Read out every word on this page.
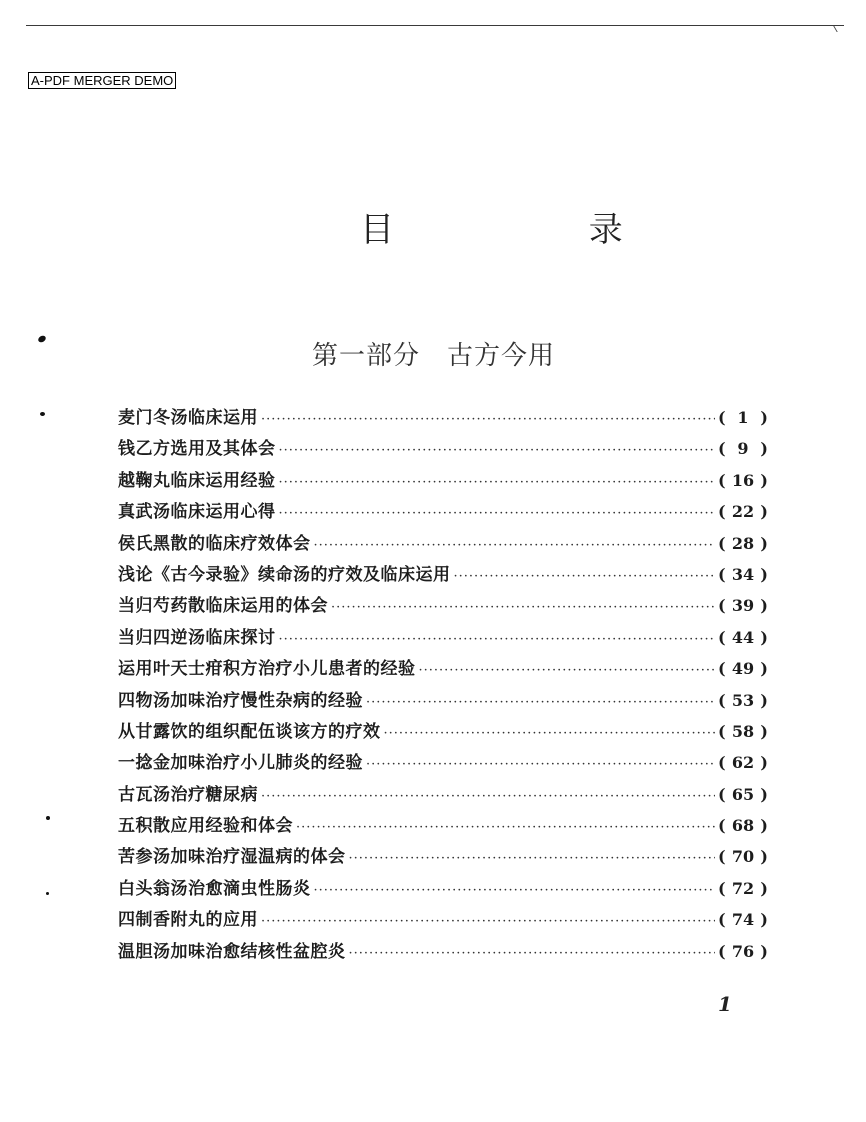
A-PDF MERGER DEMO
目 录
第一部分　古方今用
麦门冬汤临床运用 ·····	( 1 )
钱乙方选用及其体会 ·····	( 9 )
越鞠丸临床运用经验 ·····	( 16 )
真武汤临床运用心得 ·····	( 22 )
侯氏黑散的临床疗效体会 ·····	( 28 )
浅论《古今录验》续命汤的疗效及临床运用 ·····	( 34 )
当归芍药散临床运用的体会 ·····	( 39 )
当归四逆汤临床探讨 ·····	( 44 )
运用叶天士疳积方治疗小儿患者的经验 ·····	( 49 )
四物汤加味治疗慢性杂病的经验 ·····	( 53 )
从甘露饮的组织配伍谈该方的疗效 ·····	( 58 )
一捻金加味治疗小儿肺炎的经验 ·····	( 62 )
古瓦汤治疗糖尿病 ·····	( 65 )
五积散应用经验和体会 ·····	( 68 )
苦参汤加味治疗湿温病的体会 ·····	( 70 )
白头翁汤治愈滴虫性肠炎 ·····	( 72 )
四制香附丸的应用 ·····	( 74 )
温胆汤加味治愈结核性盆腔炎 ·····	( 76 )
1
